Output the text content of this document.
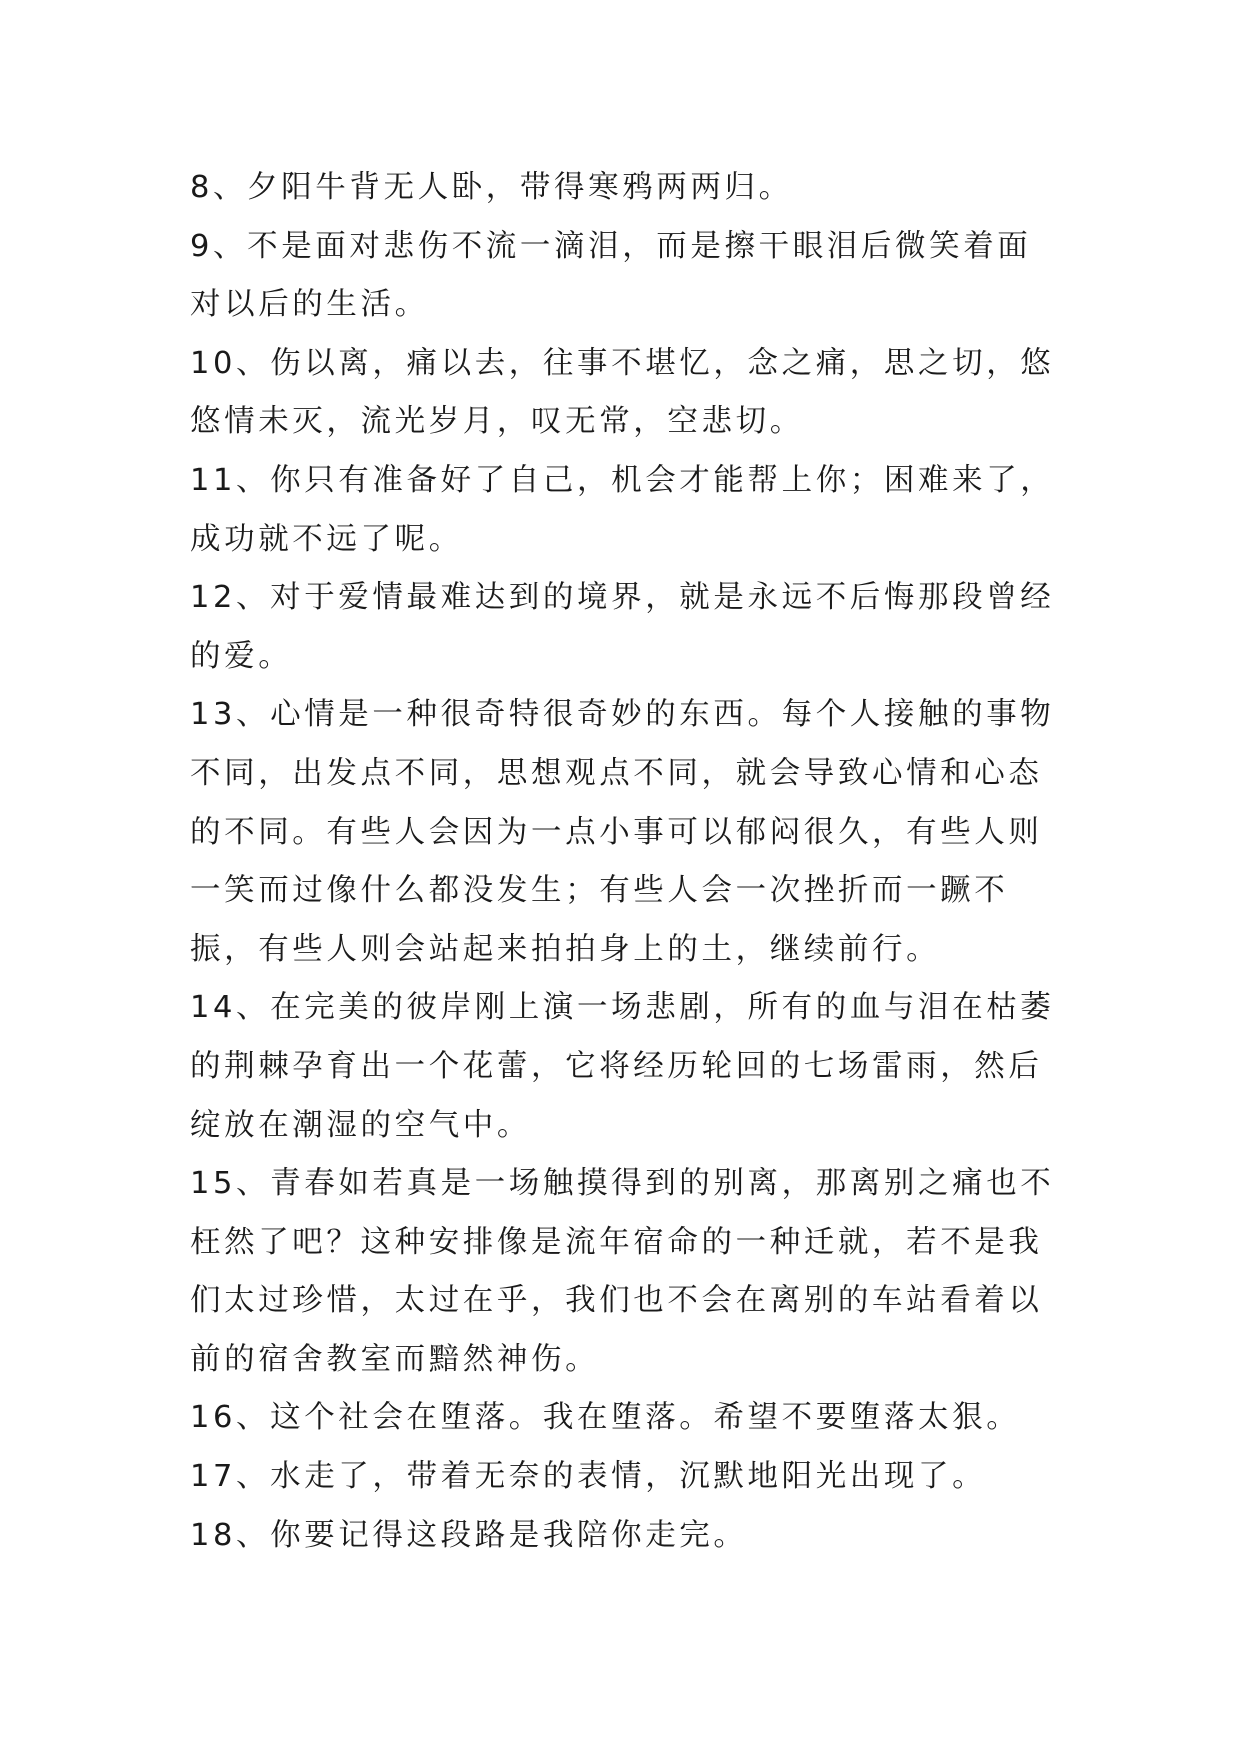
8、夕阳牛背无人卧，带得寒鸦两两归。

9、不是面对悲伤不流一滴泪，而是擦干眼泪后微笑着面对以后的生活。

10、伤以离，痛以去，往事不堪忆，念之痛，思之切，悠悠情未灭，流光岁月，叹无常，空悲切。

11、你只有准备好了自己，机会才能帮上你；困难来了，成功就不远了呢。

12、对于爱情最难达到的境界，就是永远不后悔那段曾经的爱。

13、心情是一种很奇特很奇妙的东西。每个人接触的事物不同，出发点不同，思想观点不同，就会导致心情和心态的不同。有些人会因为一点小事可以郁闷很久，有些人则一笑而过像什么都没发生；有些人会一次挫折而一蹶不振，有些人则会站起来拍拍身上的土，继续前行。

14、在完美的彼岸刚上演一场悲剧，所有的血与泪在枯萎的荆棘孕育出一个花蕾，它将经历轮回的七场雷雨，然后绽放在潮湿的空气中。

15、青春如若真是一场触摸得到的别离，那离别之痛也不枉然了吧？这种安排像是流年宿命的一种迁就，若不是我们太过珍惜，太过在乎，我们也不会在离别的车站看着以前的宿舍教室而黯然神伤。

16、这个社会在堕落。我在堕落。希望不要堕落太狠。

17、水走了，带着无奈的表情，沉默地阳光出现了。

18、你要记得这段路是我陪你走完。
